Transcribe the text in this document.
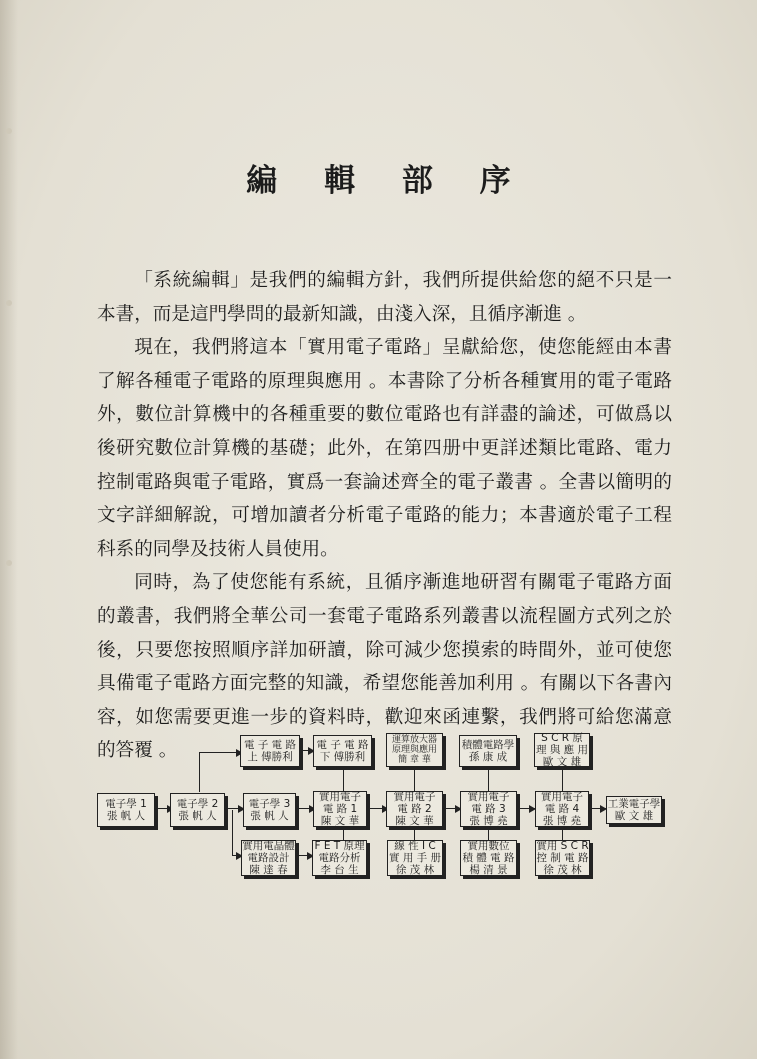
編 輯 部 序

「系統編輯」是我們的編輯方針，我們所提供給您的絕不只是一本書，而是這門學問的最新知識，由淺入深，且循序漸進 。

現在，我們將這本「實用電子電路」呈獻給您，使您能經由本書了解各種電子電路的原理與應用 。本書除了分析各種實用的電子電路外，數位計算機中的各種重要的數位電路也有詳盡的論述，可做爲以後研究數位計算機的基礎；此外，在第四册中更詳述類比電路、電力控制電路與電子電路，實爲一套論述齊全的電子叢書 。全書以簡明的文字詳細解說，可增加讀者分析電子電路的能力；本書適於電子工程科系的同學及技術人員使用。

同時，為了使您能有系統，且循序漸進地研習有關電子電路方面的叢書，我們將全華公司一套電子電路系列叢書以流程圖方式列之於後，只要您按照順序詳加研讀，除可減少您摸索的時間外，並可使您具備電子電路方面完整的知識，希望您能善加利用 。有關以下各書內容，如您需要更進一步的資料時，歡迎來函連繫，我們將可給您滿意的答覆 。

電子學 1
張 帆 人
電子學 2
張 帆 人
電子學 3
張 帆 人
電 子 電 路
上 傅勝利
電 子 電 路
下 傅勝利
運算放大器
原理與應用
簡 章 華
積體電路學
孫 康 成
S C R 原
理 與 應 用
歐 文 雄
實用電子
電 路 1
陳 文 華
實用電子
電 路 2
陳 文 華
實用電子
電 路 3
張 博 堯
實用電子
電 路 4
張 博 堯
工業電子學
歐 文 雄
實用電晶體
電路設計
陳 達 春
F E T 原理
電路分析
李 台 生
線 性 I C
實 用 手 册
徐 茂 林
實用數位
積 體 電 路
楊 清 景
實用 S C R
控 制 電 路
徐 茂 林
